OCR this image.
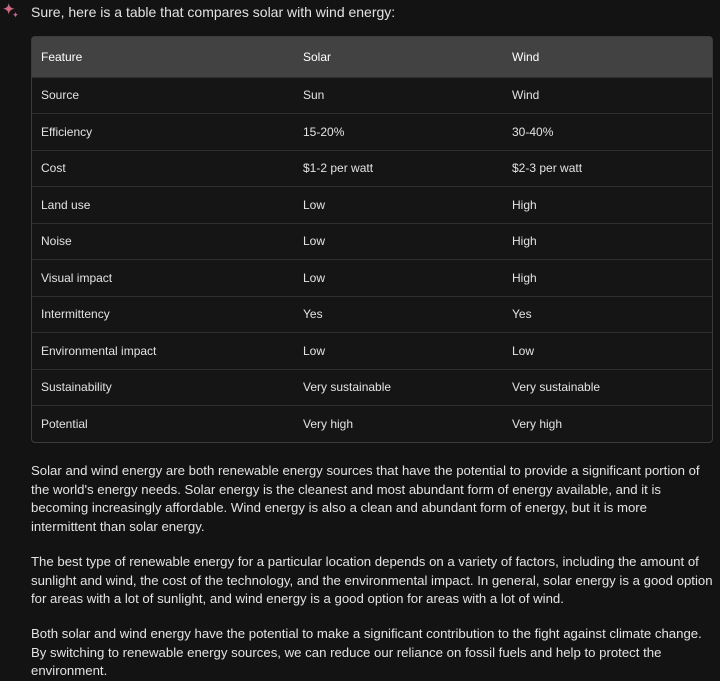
Sure, here is a table that compares solar with wind energy:
Feature	Solar	Wind
Source	Sun	Wind
Efficiency	15-20%	30-40%
Cost	$1-2 per watt	$2-3 per watt
Land use	Low	High
Noise	Low	High
Visual impact	Low	High
Intermittency	Yes	Yes
Environmental impact	Low	Low
Sustainability	Very sustainable	Very sustainable
Potential	Very high	Very high

Solar and wind energy are both renewable energy sources that have the potential to provide a significant portion of the world's energy needs. Solar energy is the cleanest and most abundant form of energy available, and it is becoming increasingly affordable. Wind energy is also a clean and abundant form of energy, but it is more intermittent than solar energy.

The best type of renewable energy for a particular location depends on a variety of factors, including the amount of sunlight and wind, the cost of the technology, and the environmental impact. In general, solar energy is a good option for areas with a lot of sunlight, and wind energy is a good option for areas with a lot of wind.

Both solar and wind energy have the potential to make a significant contribution to the fight against climate change. By switching to renewable energy sources, we can reduce our reliance on fossil fuels and help to protect the environment.
